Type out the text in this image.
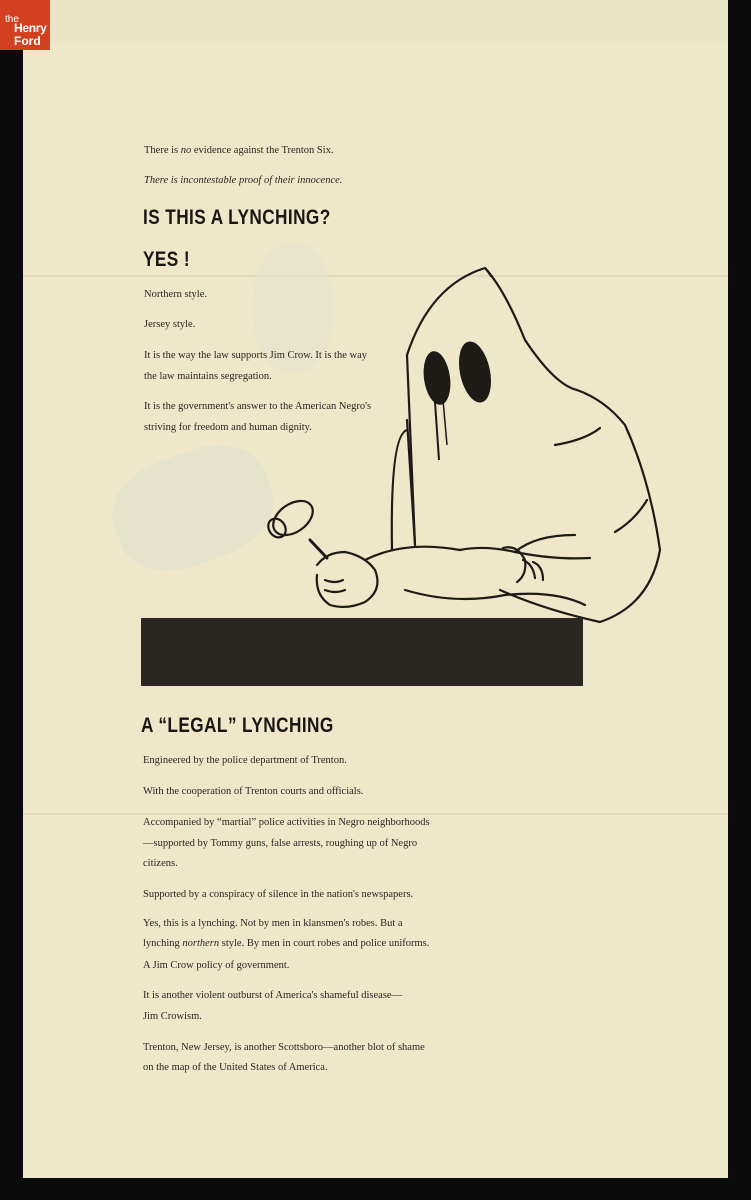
the
Henry
Ford
There is no evidence against the Trenton Six.
There is incontestable proof of their innocence.
IS THIS A LYNCHING?
YES !
Northern style.
Jersey style.
It is the way the law supports Jim Crow. It is the way
the law maintains segregation.
It is the government's answer to the American Negro's
striving for freedom and human dignity.
A “LEGAL” LYNCHING
Engineered by the police department of Trenton.
With the cooperation of Trenton courts and officials.
Accompanied by “martial” police activities in Negro neighborhoods
—supported by Tommy guns, false arrests, roughing up of Negro
citizens.
Supported by a conspiracy of silence in the nation's newspapers.
Yes, this is a lynching. Not by men in klansmen's robes. But a
lynching northern style. By men in court robes and police uniforms.
A Jim Crow policy of government.
It is another violent outburst of America's shameful disease—
Jim Crowism.
Trenton, New Jersey, is another Scottsboro—another blot of shame
on the map of the United States of America.
